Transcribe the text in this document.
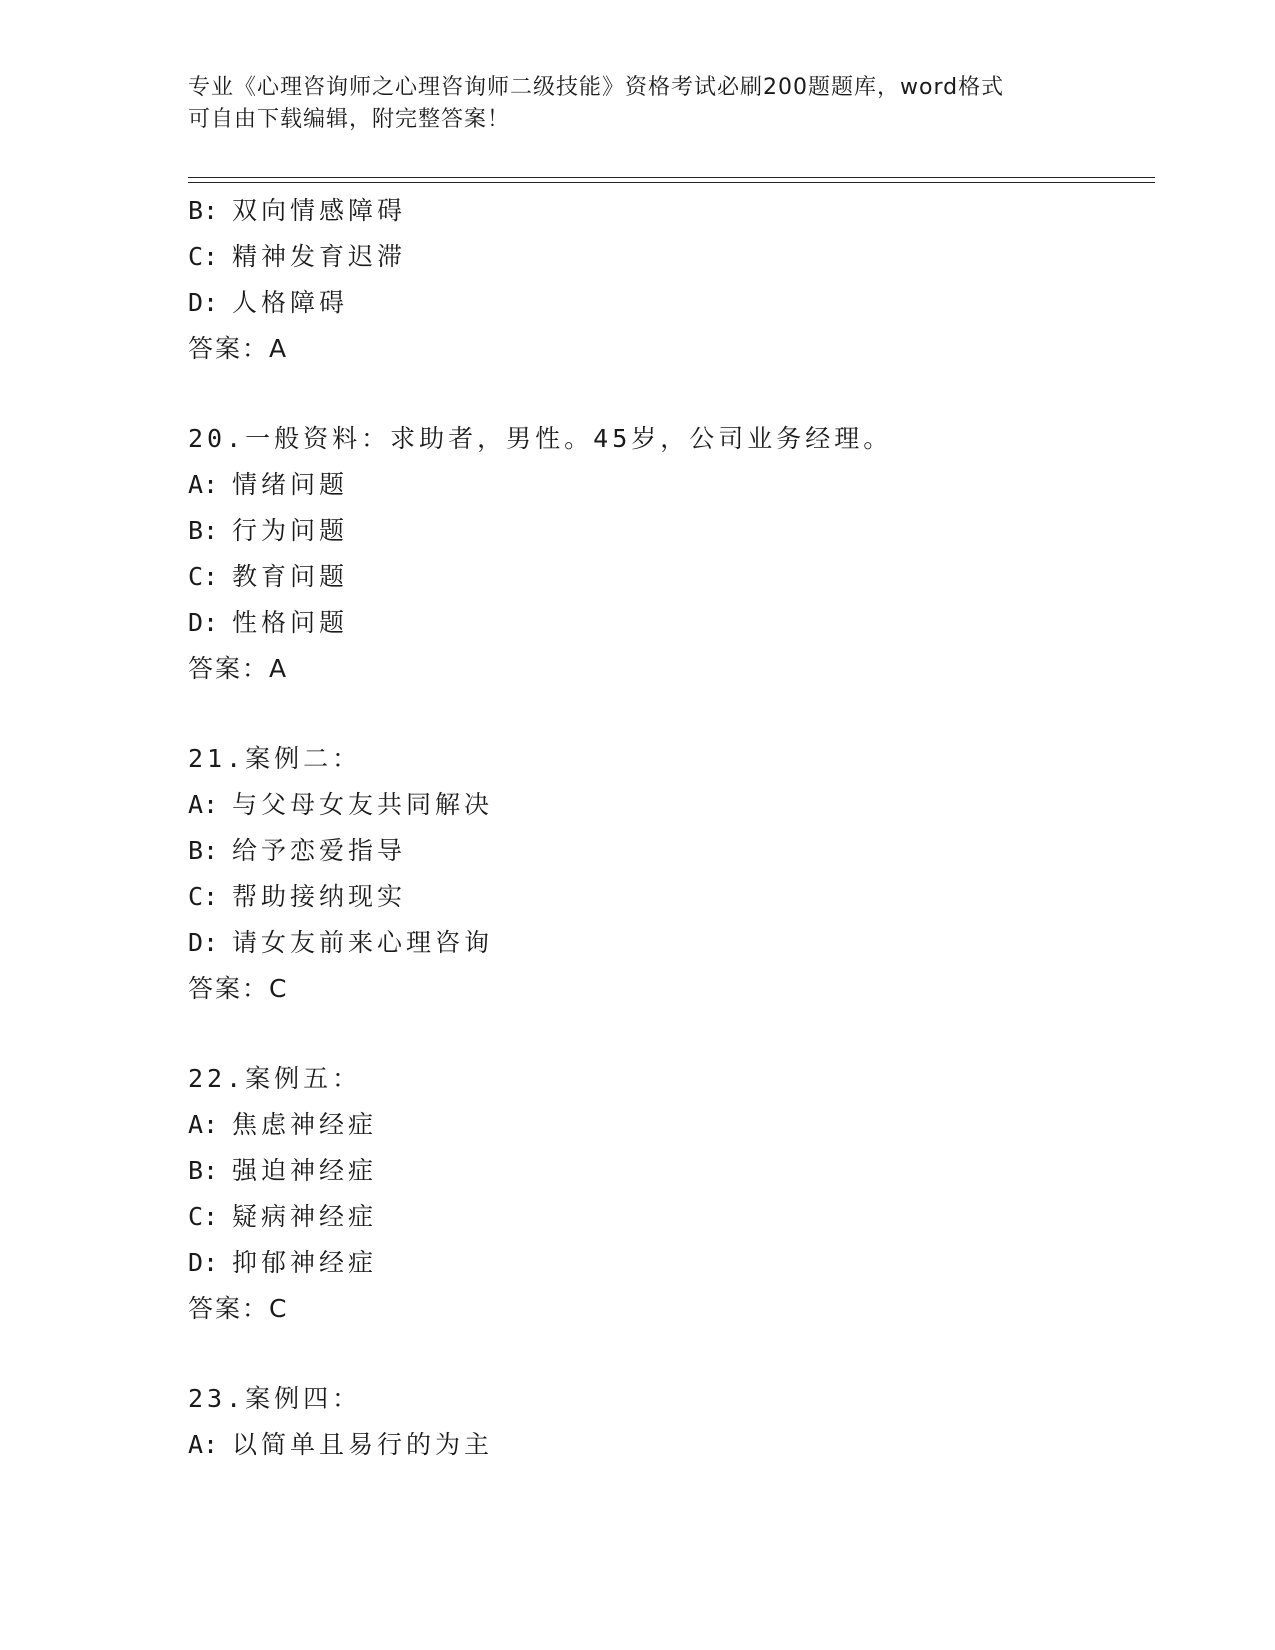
专业《心理咨询师之心理咨询师二级技能》资格考试必刷200题题库，word格式
可自由下载编辑，附完整答案！
B: 双向情感障碍
C: 精神发育迟滞
D: 人格障碍
答案：A
20.一般资料：求助者，男性。45岁，公司业务经理。
A: 情绪问题
B: 行为问题
C: 教育问题
D: 性格问题
答案：A
21.案例二：
A: 与父母女友共同解决
B: 给予恋爱指导
C: 帮助接纳现实
D: 请女友前来心理咨询
答案：C
22.案例五：
A: 焦虑神经症
B: 强迫神经症
C: 疑病神经症
D: 抑郁神经症
答案：C
23.案例四：
A: 以简单且易行的为主
